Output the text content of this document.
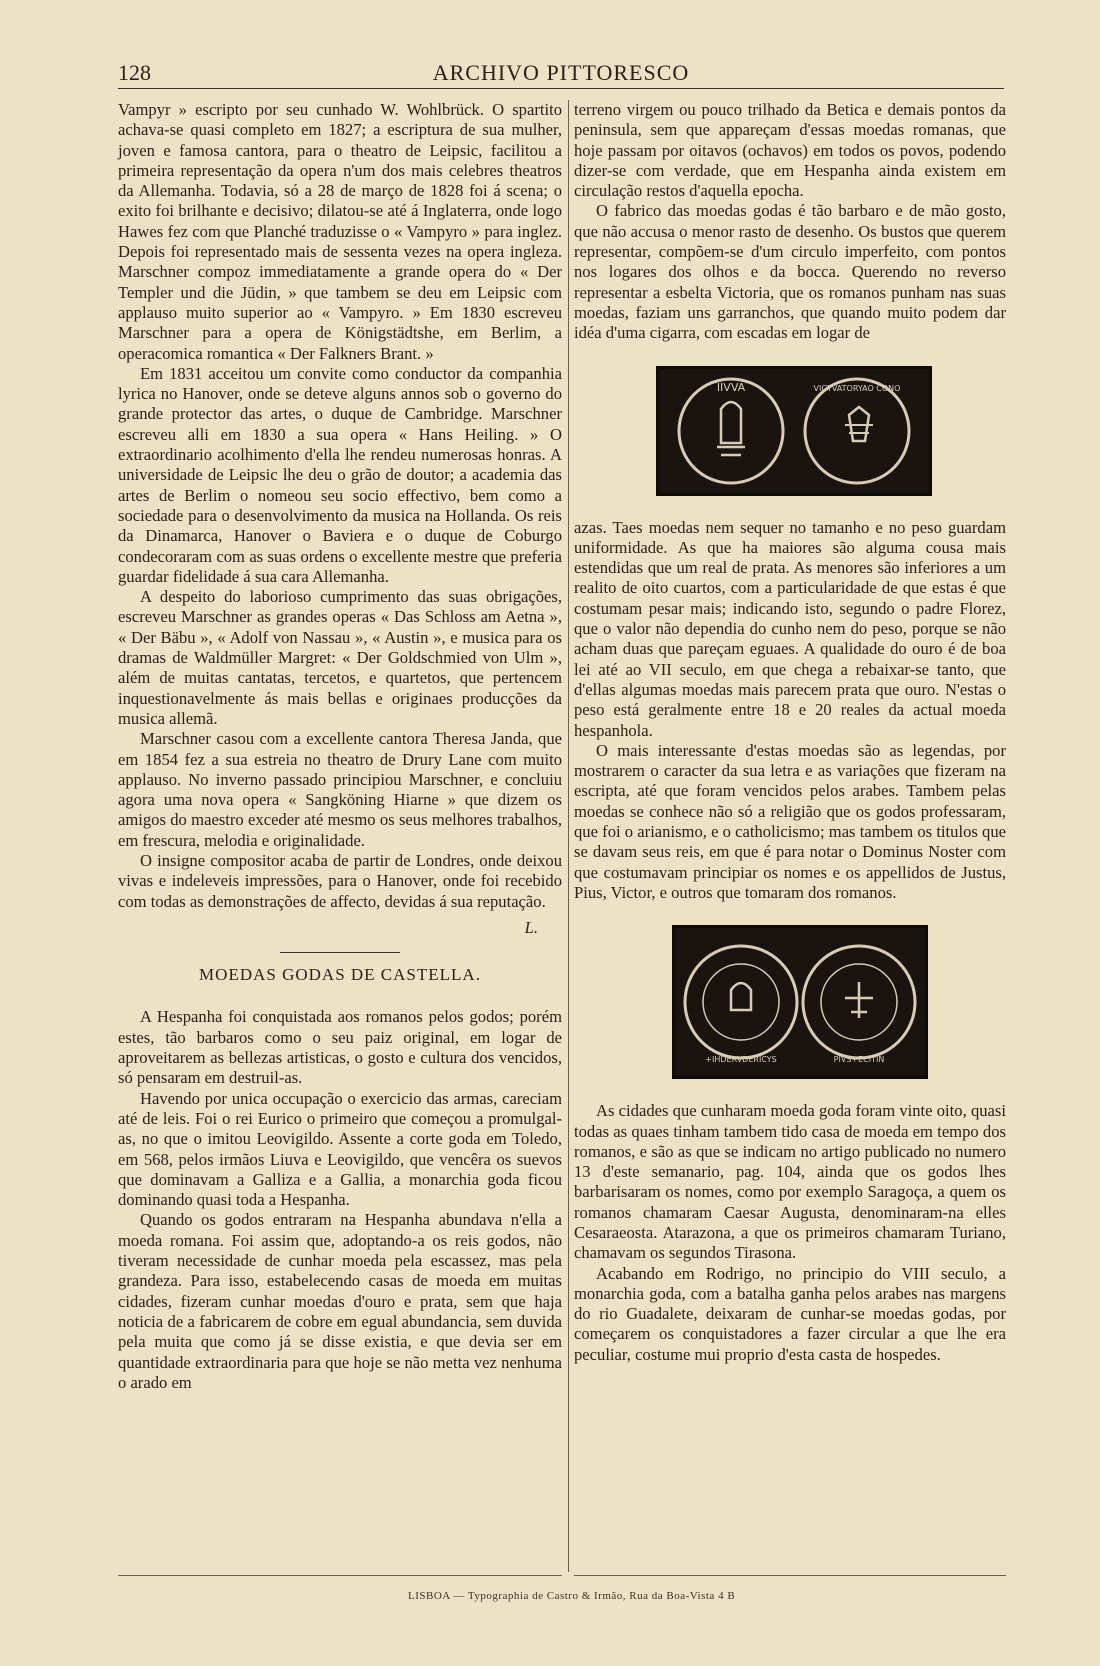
128	ARCHIVO PITTORESCO

Vampyr » escripto por seu cunhado W. Wohlbrück. O spartito achava-se quasi completo em 1827; a escriptura de sua mulher, joven e famosa cantora, para o theatro de Leipsic, facilitou a primeira representação da opera n'um dos mais celebres theatros da Allemanha. Todavia, só a 28 de março de 1828 foi á scena; o exito foi brilhante e decisivo; dilatou-se até á Inglaterra, onde logo Hawes fez com que Planché traduzisse o « Vampyro » para inglez. Depois foi representado mais de sessenta vezes na opera ingleza. Marschner compoz immediatamente a grande opera do « Der Templer und die Jüdin, » que tambem se deu em Leipsic com applauso muito superior ao « Vampyro. » Em 1830 escreveu Marschner para a opera de Königstädtshe, em Berlim, a operacomica romantica « Der Falkners Brant. »

Em 1831 acceitou um convite como conductor da companhia lyrica no Hanover, onde se deteve alguns annos sob o governo do grande protector das artes, o duque de Cambridge. Marschner escreveu alli em 1830 a sua opera « Hans Heiling. » O extraordinario acolhimento d'ella lhe rendeu numerosas honras. A universidade de Leipsic lhe deu o grão de doutor; a academia das artes de Berlim o nomeou seu socio effectivo, bem como a sociedade para o desenvolvimento da musica na Hollanda. Os reis da Dinamarca, Hanover o Baviera e o duque de Coburgo condecoraram com as suas ordens o excellente mestre que preferia guardar fidelidade á sua cara Allemanha.

A despeito do laborioso cumprimento das suas obrigações, escreveu Marschner as grandes operas « Das Schloss am Aetna », « Der Bäbu », « Adolf von Nassau », « Austin », e musica para os dramas de Waldmüller Margret: « Der Goldschmied von Ulm », além de muitas cantatas, tercetos, e quartetos, que pertencem inquestionavelmente ás mais bellas e originaes producções da musica allemã.

Marschner casou com a excellente cantora Theresa Janda, que em 1854 fez a sua estreia no theatro de Drury Lane com muito applauso. No inverno passado principiou Marschner, e concluiu agora uma nova opera « Sangköning Hiarne » que dizem os amigos do maestro exceder até mesmo os seus melhores trabalhos, em frescura, melodia e originalidade.

O insigne compositor acaba de partir de Londres, onde deixou vivas e indeleveis impressões, para o Hanover, onde foi recebido com todas as demonstrações de affecto, devidas á sua reputação.

L.
MOEDAS GODAS DE CASTELLA.

A Hespanha foi conquistada aos romanos pelos godos; porém estes, tão barbaros como o seu paiz original, em logar de aproveitarem as bellezas artisticas, o gosto e cultura dos vencidos, só pensaram em destruil-as.

Havendo por unica occupação o exercicio das armas, careciam até de leis. Foi o rei Eurico o primeiro que começou a promulgal-as, no que o imitou Leovigildo. Assente a corte goda em Toledo, em 568, pelos irmãos Liuva e Leovigildo, que vencêra os suevos que dominavam a Galliza e a Gallia, a monarchia goda ficou dominando quasi toda a Hespanha.

Quando os godos entraram na Hespanha abundava n'ella a moeda romana. Foi assim que, adoptando-a os reis godos, não tiveram necessidade de cunhar moeda pela escassez, mas pela grandeza. Para isso, estabelecendo casas de moeda em muitas cidades, fizeram cunhar moedas d'ouro e prata, sem que haja noticia de a fabricarem de cobre em egual abundancia, sem duvida pela muita que como já se disse existia, e que devia ser em quantidade extraordinaria para que hoje se não metta vez nenhuma o arado em

terreno virgem ou pouco trilhado da Betica e demais pontos da peninsula, sem que appareçam d'essas moedas romanas, que hoje passam por oitavos (ochavos) em todos os povos, podendo dizer-se com verdade, que em Hespanha ainda existem em circulação restos d'aquella epocha.

O fabrico das moedas godas é tão barbaro e de mão gosto, que não accusa o menor rasto de desenho. Os bustos que querem representar, compõem-se d'um circulo imperfeito, com pontos nos logares dos olhos e da bocca. Querendo no reverso representar a esbelta Victoria, que os romanos punham nas suas moedas, faziam uns garranchos, que quando muito podem dar idéa d'uma cigarra, com escadas em logar de

IIVVA	VICTVATORYAO CONO

azas. Taes moedas nem sequer no tamanho e no peso guardam uniformidade. As que ha maiores são alguma cousa mais estendidas que um real de prata. As menores são inferiores a um realito de oito cuartos, com a particularidade de que estas é que costumam pesar mais; indicando isto, segundo o padre Florez, que o valor não dependia do cunho nem do peso, porque se não acham duas que pareçam eguaes. A qualidade do ouro é de boa lei até ao VII seculo, em que chega a rebaixar-se tanto, que d'ellas algumas moedas mais parecem prata que ouro. N'estas o peso está geralmente entre 18 e 20 reales da actual moeda hespanhola.

O mais interessante d'estas moedas são as legendas, por mostrarem o caracter da sua letra e as variações que fizeram na escripta, até que foram vencidos pelos arabes. Tambem pelas moedas se conhece não só a religião que os godos professaram, que foi o arianismo, e o catholicismo; mas tambem os titulos que se davam seus reis, em que é para notar o Dominus Noster com que costumavam principiar os nomes e os appellidos de Justus, Pius, Victor, e outros que tomaram dos romanos.

+IHDERVDERICYS	PIVS+ECITIN

As cidades que cunharam moeda goda foram vinte oito, quasi todas as quaes tinham tambem tido casa de moeda em tempo dos romanos, e são as que se indicam no artigo publicado no numero 13 d'este semanario, pag. 104, ainda que os godos lhes barbarisaram os nomes, como por exemplo Saragoça, a quem os romanos chamaram Caesar Augusta, denominaram-na elles Cesaraeosta. Atarazona, a que os primeiros chamaram Turiano, chamavam os segundos Tirasona.

Acabando em Rodrigo, no principio do VIII seculo, a monarchia goda, com a batalha ganha pelos arabes nas margens do rio Guadalete, deixaram de cunhar-se moedas godas, por começarem os conquistadores a fazer circular a que lhe era peculiar, costume mui proprio d'esta casta de hospedes.

LISBOA — Typographia de Castro & Irmão, Rua da Boa-Vista 4 B
